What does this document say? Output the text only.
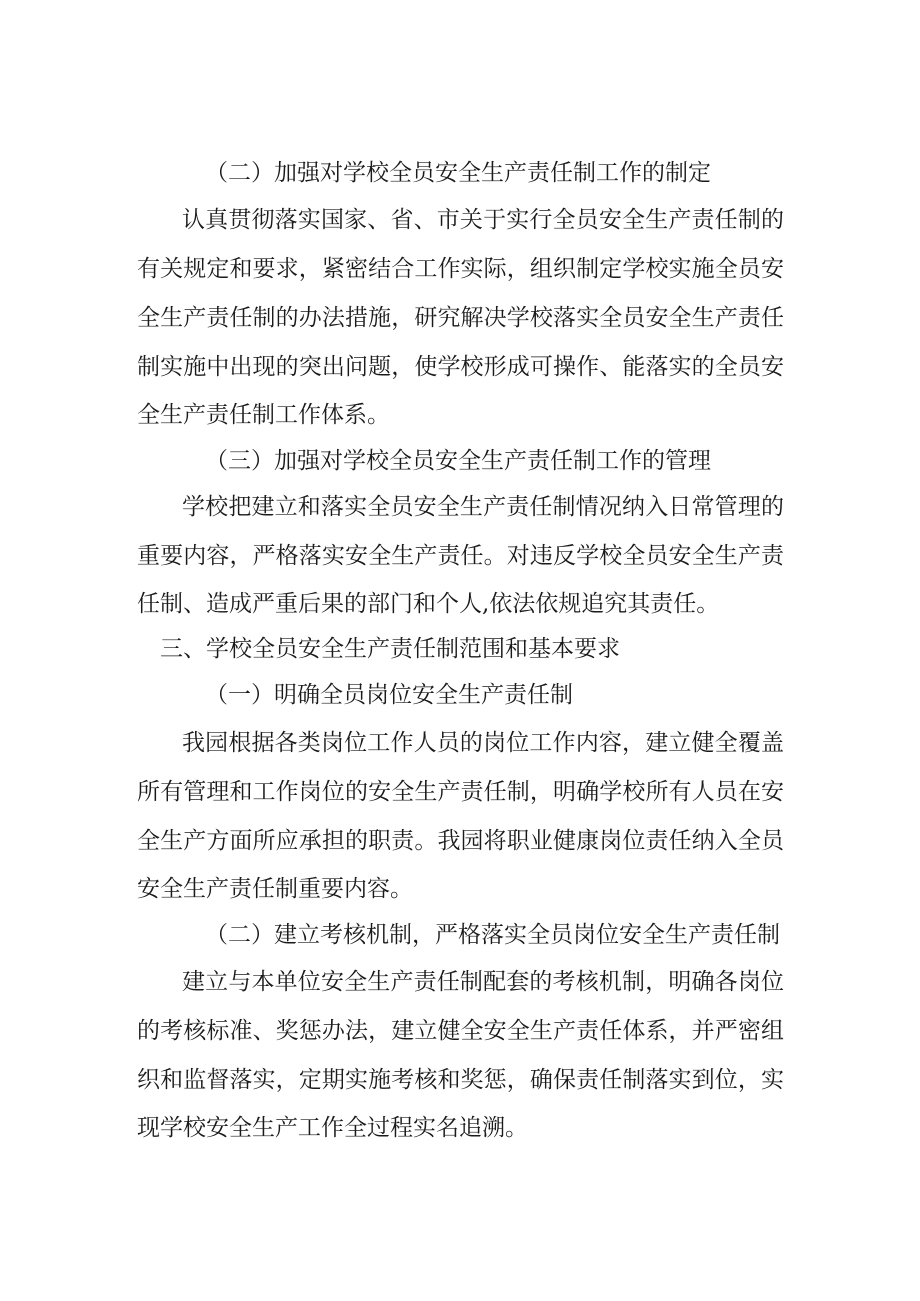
（二）加强对学校全员安全生产责任制工作的制定

认真贯彻落实国家、省、市关于实行全员安全生产责任制的

有关规定和要求，紧密结合工作实际，组织制定学校实施全员安

全生产责任制的办法措施，研究解决学校落实全员安全生产责任

制实施中出现的突出问题，使学校形成可操作、能落实的全员安

全生产责任制工作体系。

（三）加强对学校全员安全生产责任制工作的管理

学校把建立和落实全员安全生产责任制情况纳入日常管理的

重要内容，严格落实安全生产责任。对违反学校全员安全生产责

任制、造成严重后果的部门和个人,依法依规追究其责任。

三、学校全员安全生产责任制范围和基本要求

（一）明确全员岗位安全生产责任制

我园根据各类岗位工作人员的岗位工作内容，建立健全覆盖

所有管理和工作岗位的安全生产责任制，明确学校所有人员在安

全生产方面所应承担的职责。我园将职业健康岗位责任纳入全员

安全生产责任制重要内容。

（二）建立考核机制，严格落实全员岗位安全生产责任制

建立与本单位安全生产责任制配套的考核机制，明确各岗位

的考核标准、奖惩办法，建立健全安全生产责任体系，并严密组

织和监督落实，定期实施考核和奖惩，确保责任制落实到位，实

现学校安全生产工作全过程实名追溯。
